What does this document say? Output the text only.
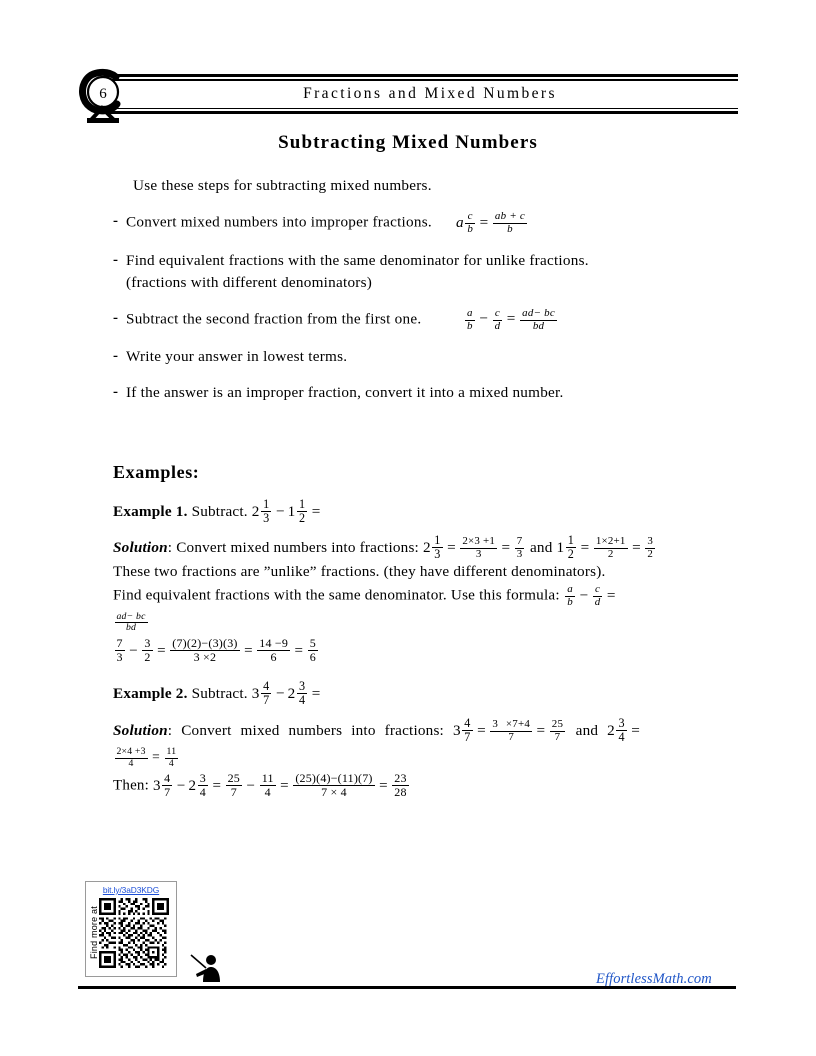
Fractions and Mixed Numbers
6
Subtracting Mixed Numbers
Use these steps for subtracting mixed numbers.
- Convert mixed numbers into improper fractions. a $\frac{c}{b} = \frac{ab + c}{b}$
- Find equivalent fractions with the same denominator for unlike fractions.
(fractions with different denominators)
- Subtract the second fraction from the first one.	$\frac{a}{b} - \frac{c}{d} = \frac{ad- bc}{bd}$
- Write your answer in lowest terms.
- If the answer is an improper fraction, convert it into a mixed number.
Examples:
Example 1. Subtract. $2 \frac{1}{3} - 1 \frac{1}{2}$ =
Solution: Convert mixed numbers into fractions: $2 \frac{1}{3} = \frac{2\times 3 +1}{3} = \frac{7}{3}$ and $1 \frac{1}{2} = \frac{1\times 2+1}{2} = \frac{3}{2}$
These two fractions are ”unlike” fractions. (they have different denominators).
Find equivalent fractions with the same denominator. Use this formula: $\frac{a}{b} - \frac{c}{d}$ =
$\frac{ad- bc}{bd}$
$\frac{7}{3} - \frac{3}{2} = \frac{(7)(2)-(3)(3)}{3 \times 2} = \frac{14 -9}{6} = \frac{5}{6}$
Example 2. Subtract. $3 \frac{4}{7} - 2 \frac{3}{4}$ =
Solution: Convert mixed numbers into fractions: $3 \frac{4}{7} = \frac{3 \times 7+4}{7} = \frac{25}{7}$ and $2 \frac{3}{4}$ =
$\frac{2\times 4 +3}{4} = \frac{11}{4}$
Then: $3 \frac{4}{7} - 2 \frac{3}{4} = \frac{25}{7} - \frac{11}{4} = \frac{(25)(4)-(11)(7)}{7 \times 4} = \frac{23}{28}$
bit.ly/3aD3KDG
Find more at
EffortlessMath.com
